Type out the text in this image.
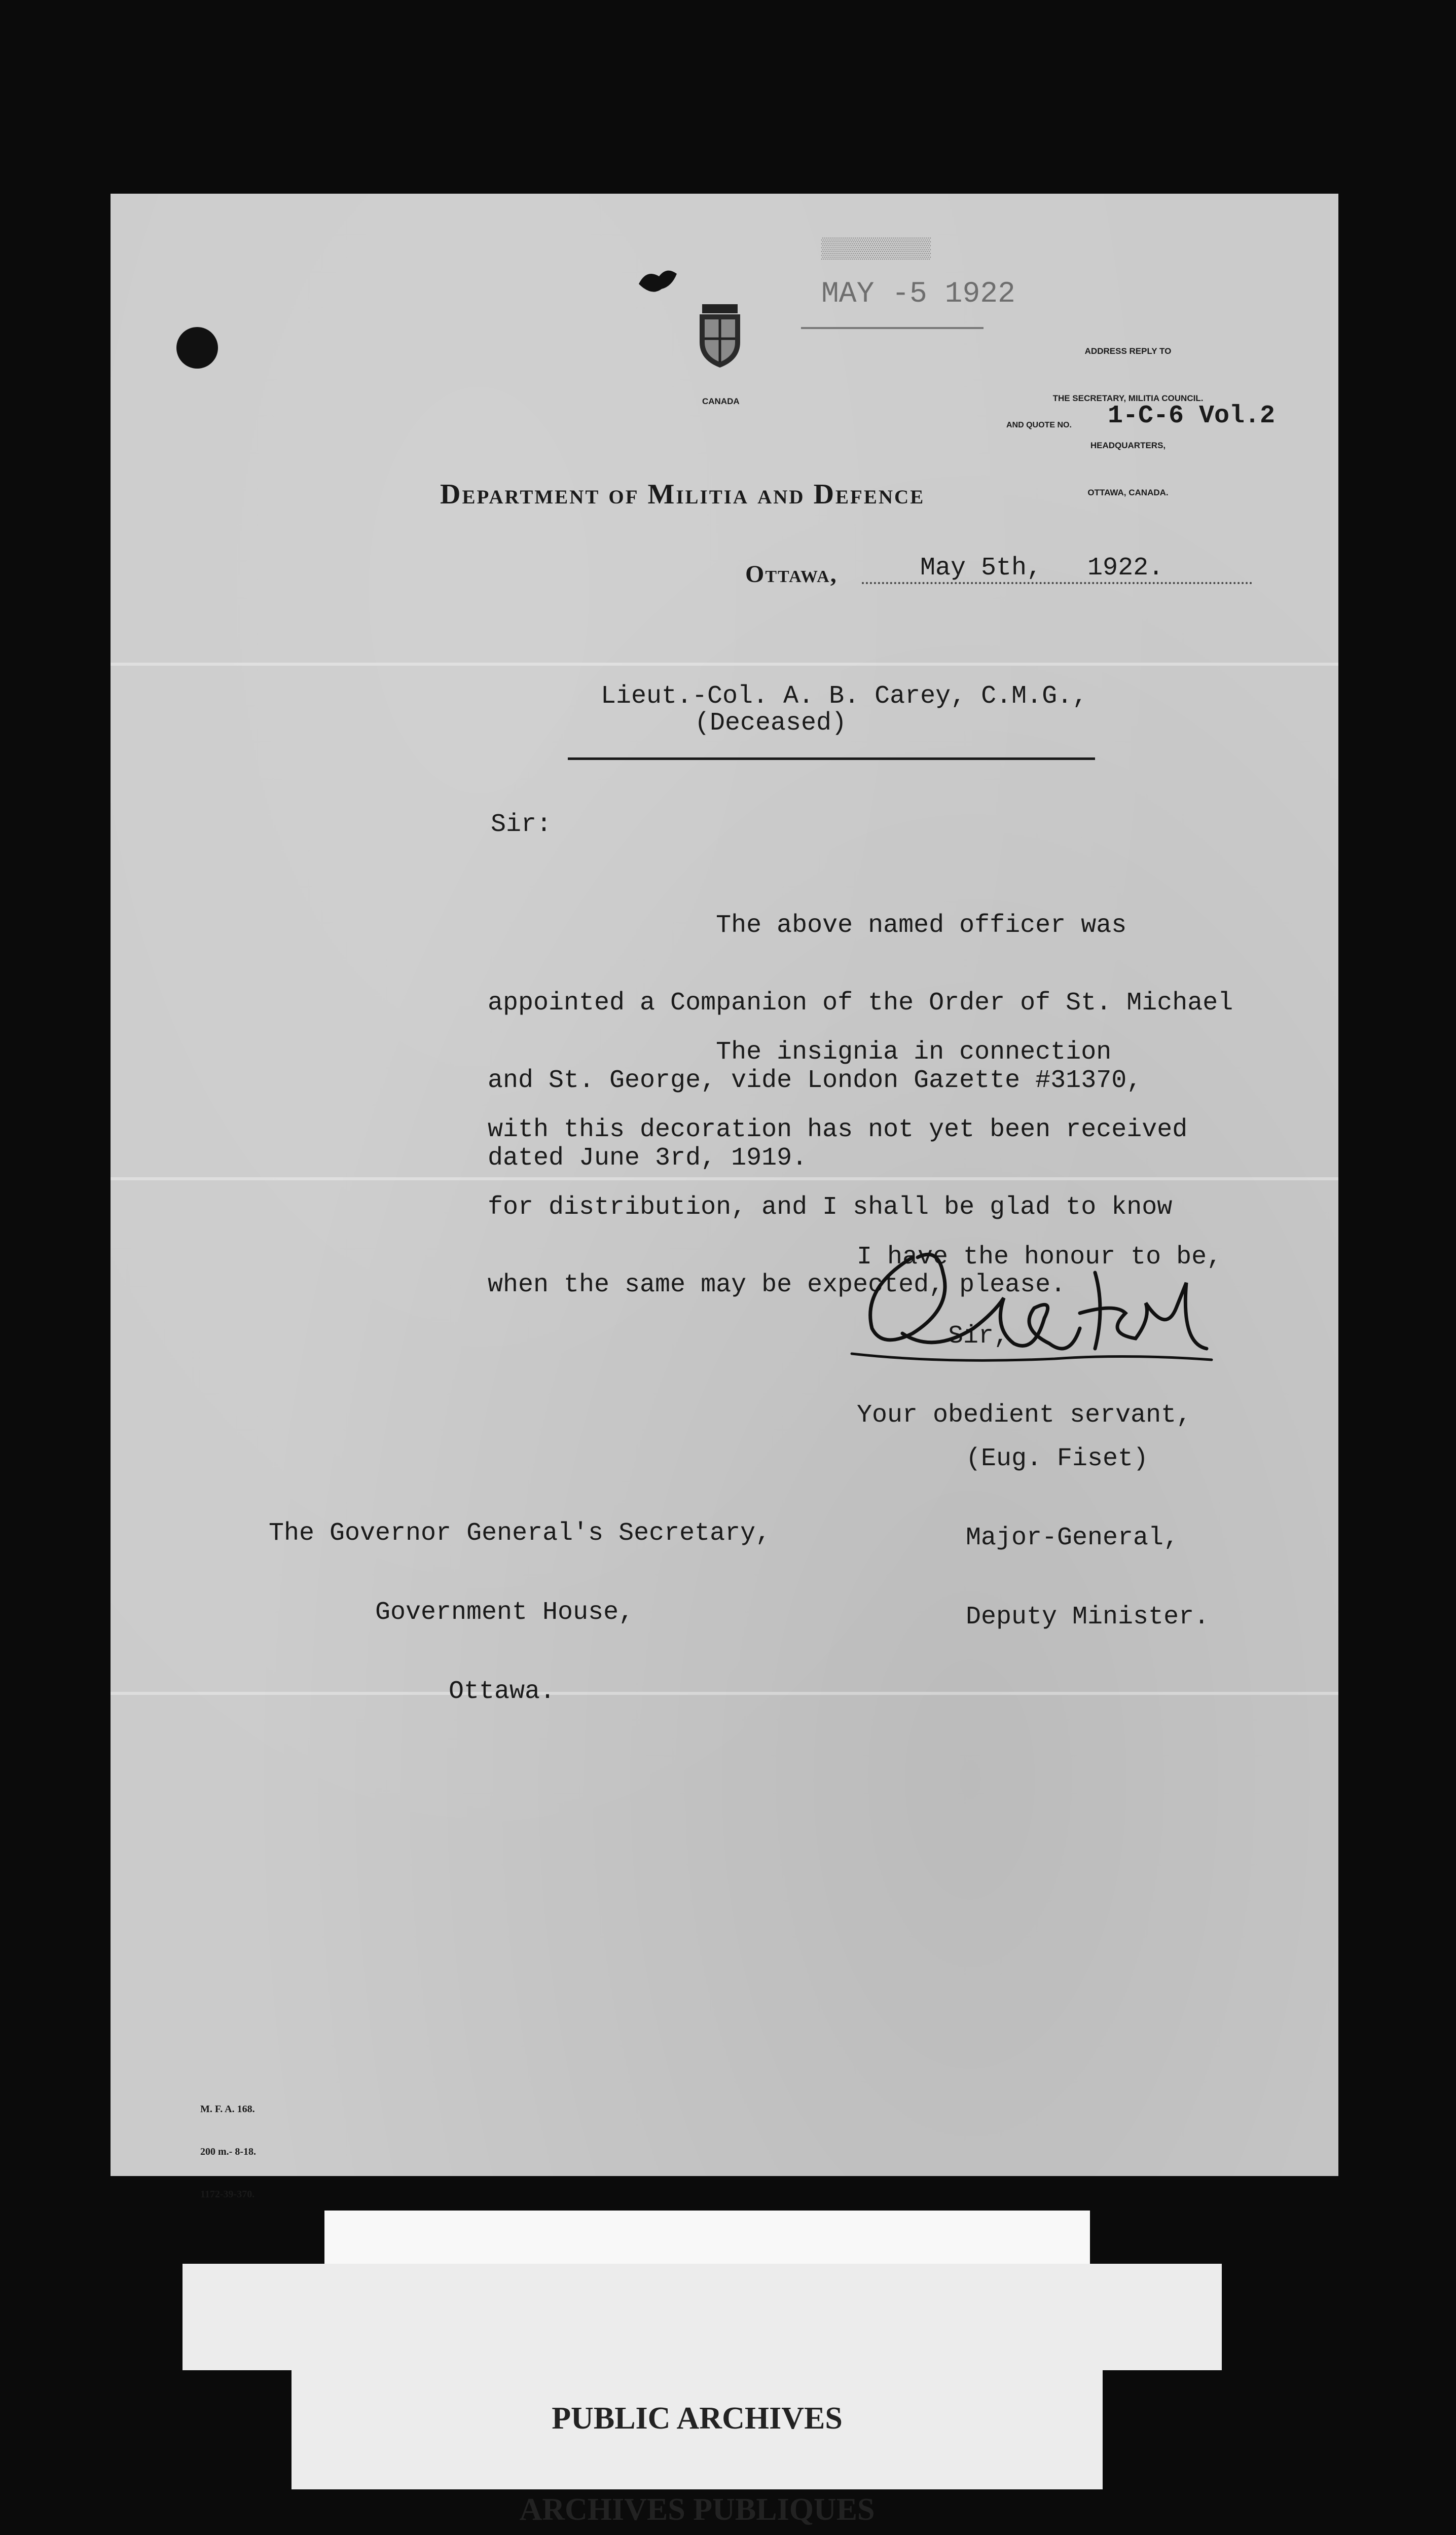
CANADA
▒▒▒▒▒▒▒▒▒
MAY -5 1922

ADDRESS REPLY TO

THE SECRETARY, MILITIA COUNCIL.

HEADQUARTERS,

OTTAWA, CANADA.

AND QUOTE NO. 1-C-6 Vol.2
Department of Militia and Defence
Ottawa,	May 5th,   1922.
Lieut.-Col. A. B. Carey, C.M.G.,
(Deceased)
Sir:

The above named officer was

appointed a Companion of the Order of St. Michael

and St. George, vide London Gazette #31370,

dated June 3rd, 1919.

The insignia in connection

with this decoration has not yet been received

for distribution, and I shall be glad to know

when the same may be expected, please.

I have the honour to be,

Sir,

Your obedient servant,

(Eug. Fiset)

Major-General,

Deputy Minister.

The Governor General's Secretary,

Government House,

Ottawa.

M. F. A. 168.

200 m.- 8-18.

1172-39-370.

PUBLIC ARCHIVES

ARCHIVES PUBLIQUES
